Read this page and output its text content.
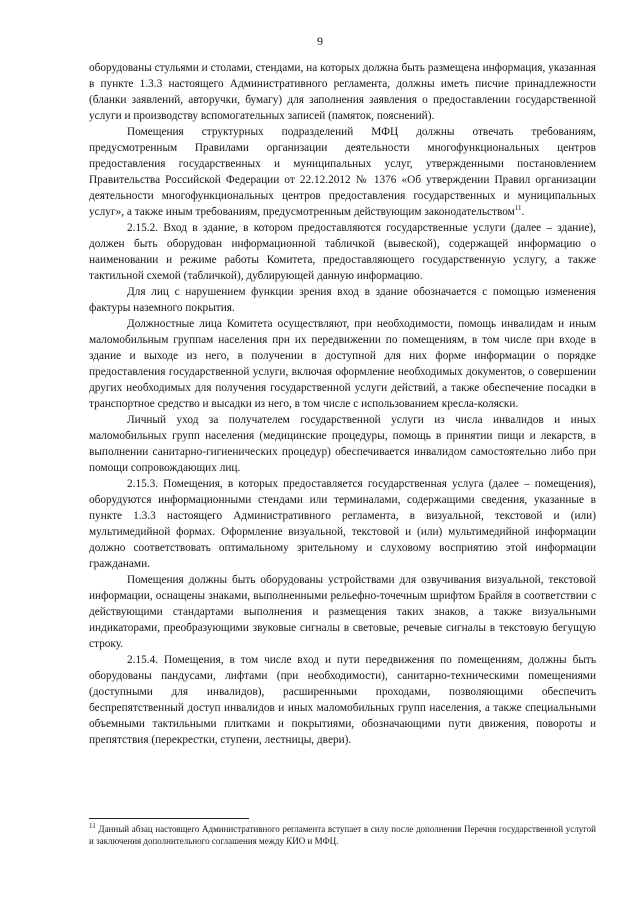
9

оборудованы стульями и столами, стендами, на которых должна быть размещена информация, указанная в пункте 1.3.3 настоящего Административного регламента, должны иметь писчие принадлежности (бланки заявлений, авторучки, бумагу) для заполнения заявления о предоставлении государственной услуги и производству вспомогательных записей (памяток, пояснений).

Помещения структурных подразделений МФЦ должны отвечать требованиям, предусмотренным Правилами организации деятельности многофункциональных центров предоставления государственных и муниципальных услуг, утвержденными постановлением Правительства Российской Федерации от 22.12.2012 № 1376 «Об утверждении Правил организации деятельности многофункциональных центров предоставления государственных и муниципальных услуг», а также иным требованиям, предусмотренным действующим законодательством$^{11}$.

2.15.2. Вход в здание, в котором предоставляются государственные услуги (далее – здание), должен быть оборудован информационной табличкой (вывеской), содержащей информацию о наименовании и режиме работы Комитета, предоставляющего государственную услугу, а также тактильной схемой (табличкой), дублирующей данную информацию.

Для лиц с нарушением функции зрения вход в здание обозначается с помощью изменения фактуры наземного покрытия.

Должностные лица Комитета осуществляют, при необходимости, помощь инвалидам и иным маломобильным группам населения при их передвижении по помещениям, в том числе при входе в здание и выходе из него, в получении в доступной для них форме информации о порядке предоставления государственной услуги, включая оформление необходимых документов, о совершении других необходимых для получения государственной услуги действий, а также обеспечение посадки в транспортное средство и высадки из него, в том числе с использованием кресла-коляски.

Личный уход за получателем государственной услуги из числа инвалидов и иных маломобильных групп населения (медицинские процедуры, помощь в принятии пищи и лекарств, в выполнении санитарно-гигиенических процедур) обеспечивается инвалидом самостоятельно либо при помощи сопровождающих лиц.

2.15.3. Помещения, в которых предоставляется государственная услуга (далее – помещения), оборудуются информационными стендами или терминалами, содержащими сведения, указанные в пункте 1.3.3 настоящего Административного регламента, в визуальной, текстовой и (или) мультимедийной формах. Оформление визуальной, текстовой и (или) мультимедийной информации должно соответствовать оптимальному зрительному и слуховому восприятию этой информации гражданами.

Помещения должны быть оборудованы устройствами для озвучивания визуальной, текстовой информации, оснащены знаками, выполненными рельефно-точечным шрифтом Брайля в соответствии с действующими стандартами выполнения и размещения таких знаков, а также визуальными индикаторами, преобразующими звуковые сигналы в световые, речевые сигналы в текстовую бегущую строку.

2.15.4. Помещения, в том числе вход и пути передвижения по помещениям, должны быть оборудованы пандусами, лифтами (при необходимости), санитарно-техническими помещениями (доступными для инвалидов), расширенными проходами, позволяющими обеспечить беспрепятственный доступ инвалидов и иных маломобильных групп населения, а также специальными объемными тактильными плитками и покрытиями, обозначающими пути движения, повороты и препятствия (перекрестки, ступени, лестницы, двери).

$^{11}$ Данный абзац настоящего Административного регламента вступает в силу после дополнения Перечня государственной услугой и заключения дополнительного соглашения между КИО и МФЦ.
